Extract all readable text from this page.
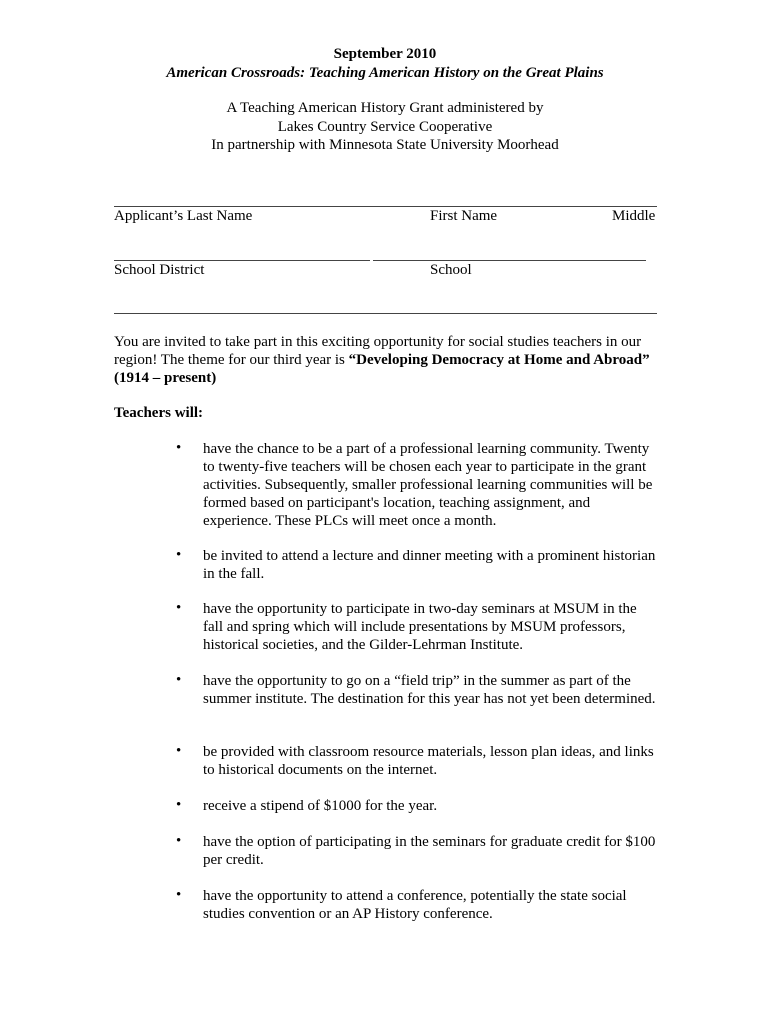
September 2010
American Crossroads: Teaching American History on the Great Plains
A Teaching American History Grant administered by
Lakes Country Service Cooperative
In partnership with Minnesota State University Moorhead
Applicant’s Last Name	First Name	Middle
School District	School
You are invited to take part in this exciting opportunity for social studies teachers in our region! The theme for our third year is “Developing Democracy at Home and Abroad” (1914 – present)
Teachers will:
•	have the chance to be a part of a professional learning community. Twenty to twenty-five teachers will be chosen each year to participate in the grant activities. Subsequently, smaller professional learning communities will be formed based on participant's location, teaching assignment, and experience. These PLCs will meet once a month.
•	be invited to attend a lecture and dinner meeting with a prominent historian in the fall.
•	have the opportunity to participate in two-day seminars at MSUM in the fall and spring which will include presentations by MSUM professors, historical societies, and the Gilder-Lehrman Institute.
•	have the opportunity to go on a “field trip” in the summer as part of the summer institute. The destination for this year has not yet been determined.
•	be provided with classroom resource materials, lesson plan ideas, and links to historical documents on the internet.
•	receive a stipend of $1000 for the year.
•	have the option of participating in the seminars for graduate credit for $100 per credit.
•	have the opportunity to attend a conference, potentially the state social studies convention or an AP History conference.
